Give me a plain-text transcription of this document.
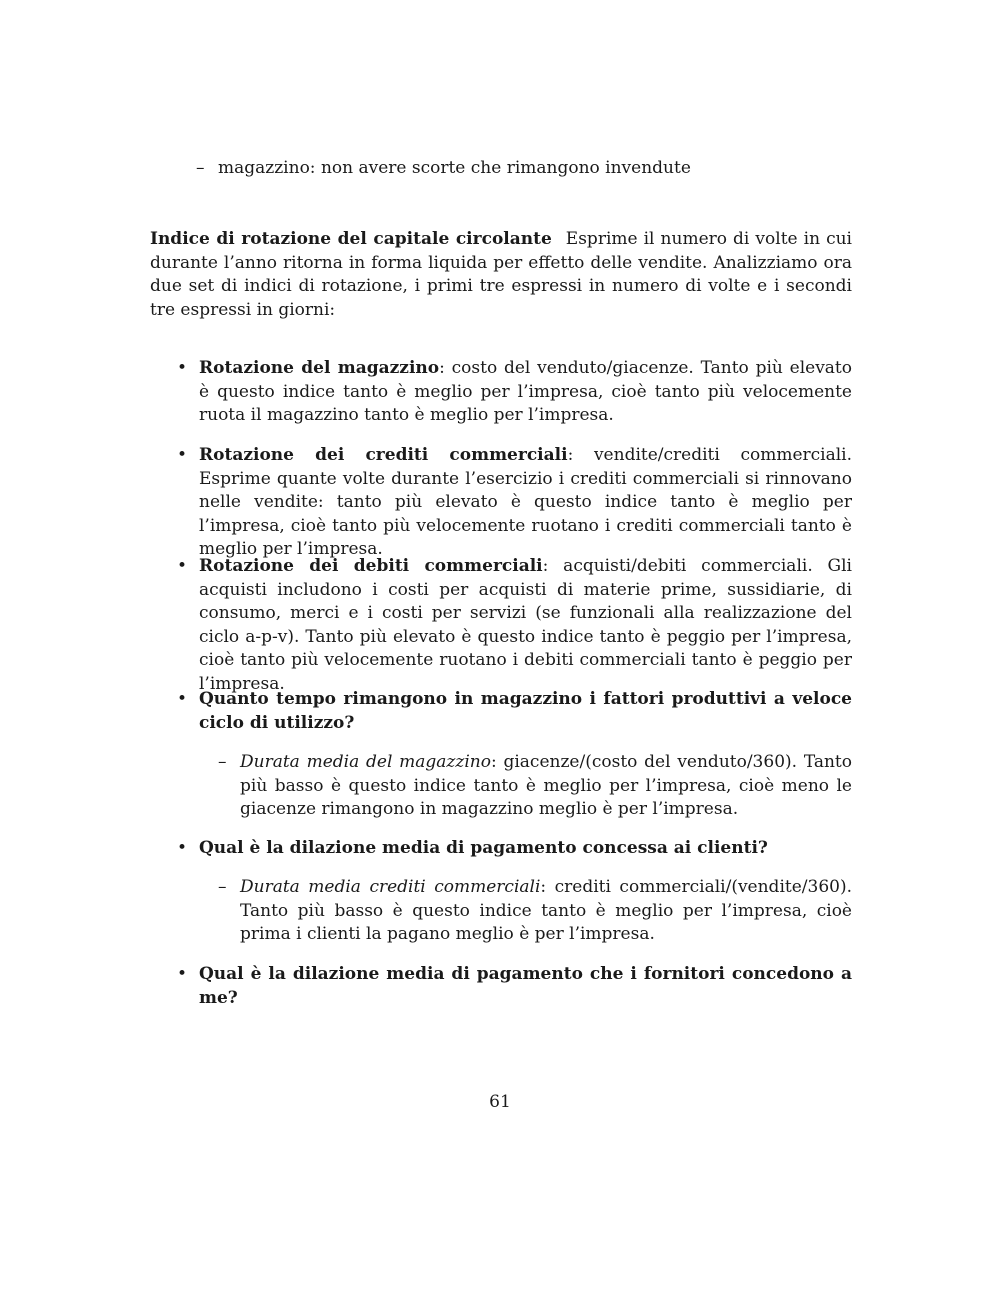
– magazzino: non avere scorte che rimangono invendute
Indice di rotazione del capitale circolante Esprime il numero di volte in cui durante l’anno ritorna in forma liquida per effetto delle vendite. Analizziamo ora due set di indici di rotazione, i primi tre espressi in numero di volte e i secondi tre espressi in giorni:
• Rotazione del magazzino: costo del venduto/giacenze. Tanto più elevato è questo indice tanto è meglio per l’impresa, cioè tanto più velocemente ruota il magazzino tanto è meglio per l’impresa.
• Rotazione dei crediti commerciali: vendite/crediti commerciali. Esprime quante volte durante l’esercizio i crediti commerciali si rinnovano nelle vendite: tanto più elevato è questo indice tanto è meglio per l’impresa, cioè tanto più velocemente ruotano i crediti commerciali tanto è meglio per l’impresa.
• Rotazione dei debiti commerciali: acquisti/debiti commerciali. Gli acquisti includono i costi per acquisti di materie prime, sussidiarie, di consumo, merci e i costi per servizi (se funzionali alla realizzazione del ciclo a-p-v). Tanto più elevato è questo indice tanto è peggio per l’impresa, cioè tanto più velocemente ruotano i debiti commerciali tanto è peggio per l’impresa.
• Quanto tempo rimangono in magazzino i fattori produttivi a veloce ciclo di utilizzo?
– Durata media del magazzino: giacenze/(costo del venduto/360). Tanto più basso è questo indice tanto è meglio per l’impresa, cioè meno le giacenze rimangono in magazzino meglio è per l’impresa.
• Qual è la dilazione media di pagamento concessa ai clienti?
– Durata media crediti commerciali: crediti commerciali/(vendite/360). Tanto più basso è questo indice tanto è meglio per l’impresa, cioè prima i clienti la pagano meglio è per l’impresa.
• Qual è la dilazione media di pagamento che i fornitori concedono a me?
61
